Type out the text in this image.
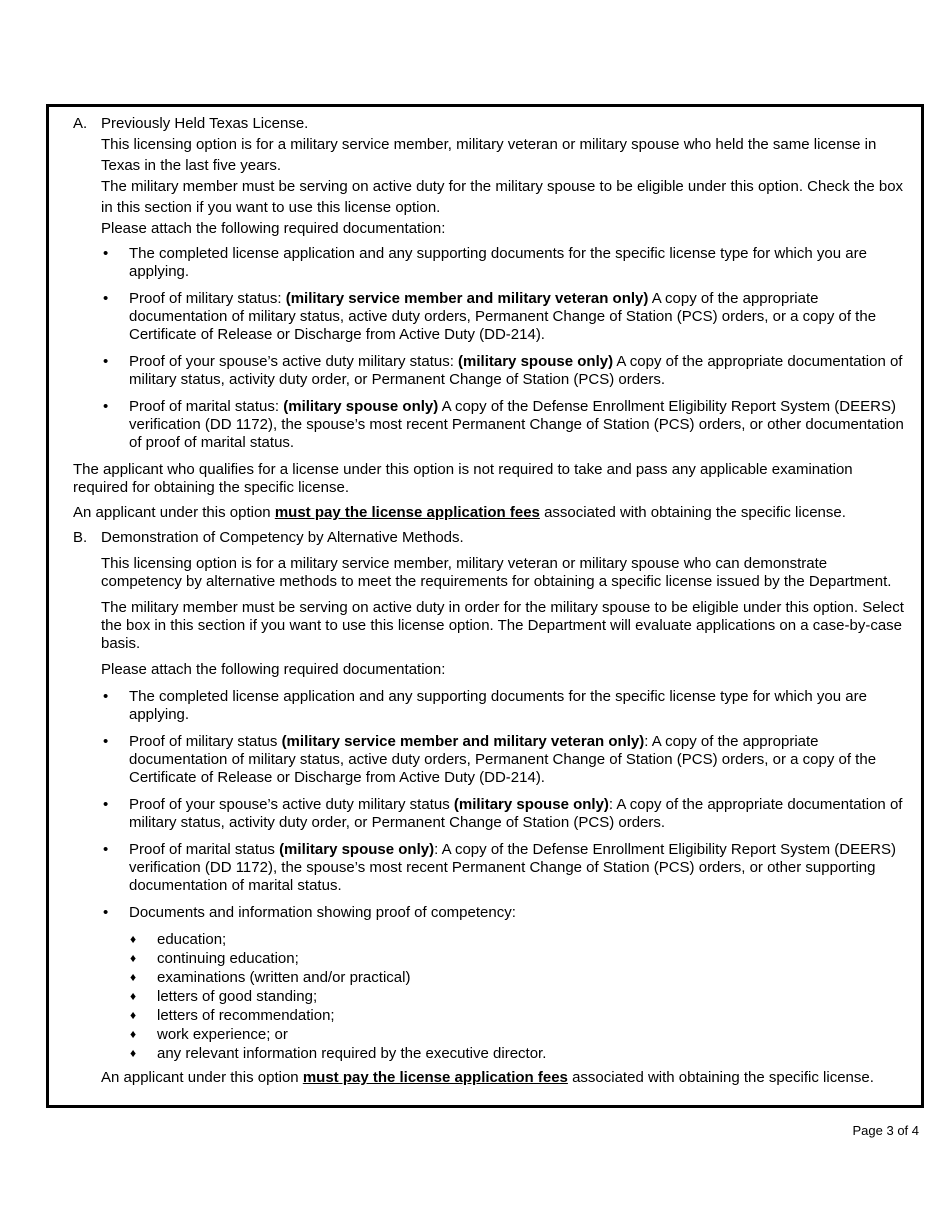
A. Previously Held Texas License.

This licensing option is for a military service member, military veteran or military spouse who held the same license in Texas in the last five years.

The military member must be serving on active duty for the military spouse to be eligible under this option. Check the box in this section if you want to use this license option.

Please attach the following required documentation:

• The completed license application and any supporting documents for the specific license type for which you are applying.
• Proof of military status: (military service member and military veteran only) A copy of the appropriate documentation of military status, active duty orders, Permanent Change of Station (PCS) orders, or a copy of the Certificate of Release or Discharge from Active Duty (DD-214).
• Proof of your spouse’s active duty military status: (military spouse only) A copy of the appropriate documentation of military status, activity duty order, or Permanent Change of Station (PCS) orders.
• Proof of marital status: (military spouse only) A copy of the Defense Enrollment Eligibility Report System (DEERS) verification (DD 1172), the spouse’s most recent Permanent Change of Station (PCS) orders, or other documentation of proof of marital status.

The applicant who qualifies for a license under this option is not required to take and pass any applicable examination required for obtaining the specific license.

An applicant under this option must pay the license application fees associated with obtaining the specific license.

B. Demonstration of Competency by Alternative Methods.

This licensing option is for a military service member, military veteran or military spouse who can demonstrate competency by alternative methods to meet the requirements for obtaining a specific license issued by the Department.

The military member must be serving on active duty in order for the military spouse to be eligible under this option. Select the box in this section if you want to use this license option. The Department will evaluate applications on a case-by-case basis.

Please attach the following required documentation:

• The completed license application and any supporting documents for the specific license type for which you are applying.
• Proof of military status (military service member and military veteran only): A copy of the appropriate documentation of military status, active duty orders, Permanent Change of Station (PCS) orders, or a copy of the Certificate of Release or Discharge from Active Duty (DD-214).
• Proof of your spouse’s active duty military status (military spouse only): A copy of the appropriate documentation of military status, activity duty order, or Permanent Change of Station (PCS) orders.
• Proof of marital status (military spouse only): A copy of the Defense Enrollment Eligibility Report System (DEERS) verification (DD 1172), the spouse’s most recent Permanent Change of Station (PCS) orders, or other supporting documentation of marital status.
• Documents and information showing proof of competency:
♦ education;
♦ continuing education;
♦ examinations (written and/or practical)
♦ letters of good standing;
♦ letters of recommendation;
♦ work experience; or
♦ any relevant information required by the executive director.

An applicant under this option must pay the license application fees associated with obtaining the specific license.

Page 3 of 4
